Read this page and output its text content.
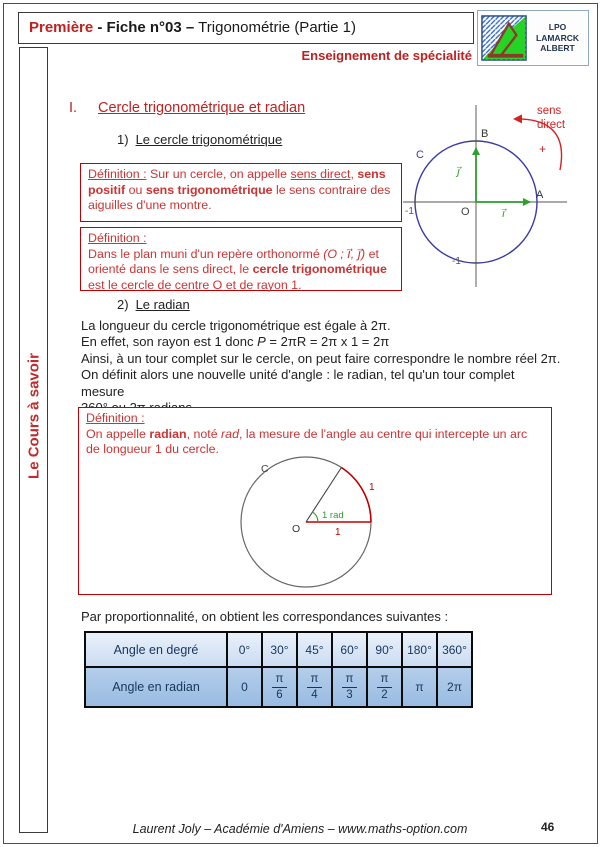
Première - Fiche n°03 – Trigonométrie (Partie 1)	LPO LAMARCK
ALBERT
Enseignement de spécialité
Le Cours à savoir
I. Cercle trigonométrique et radian
1) Le cercle trigonométrique

Définition : Sur un cercle, on appelle sens direct, sens positif ou sens trigonométrique le sens contraire des aiguilles d'une montre.

Définition :

Dans le plan muni d'un repère orthonormé (O ; i⃗, j⃗) et orienté dans le sens direct, le cercle trigonométrique est le cercle de centre O et de rayon 1.

A
B
C
O
-1
-1
i⃗
j⃗
sens
direct
+
2) Le radian
La longueur du cercle trigonométrique est égale à 2π.
En effet, son rayon est 1 donc P = 2πR = 2π x 1 = 2π
Ainsi, à un tour complet sur le cercle, on peut faire correspondre le nombre réel 2π.
On définit alors une nouvelle unité d'angle : le radian, tel qu'un tour complet mesure
Définition :

On appelle radian, noté rad, la mesure de l'angle au centre qui intercepte un arc de longueur 1 du cercle.

C
O	1
1
1 rad
Par proportionnalité, on obtient les correspondances suivantes :
Angle en degré	0°	30°	45°	60°	90°	180°	360°
Angle en radian	0	$\frac{\pi}{6}$	$\frac{\pi}{4}$	$\frac{\pi}{3}$	$\frac{\pi}{2}$	π	2π
Laurent Joly – Académie d'Amiens – www.maths-option.com	46
